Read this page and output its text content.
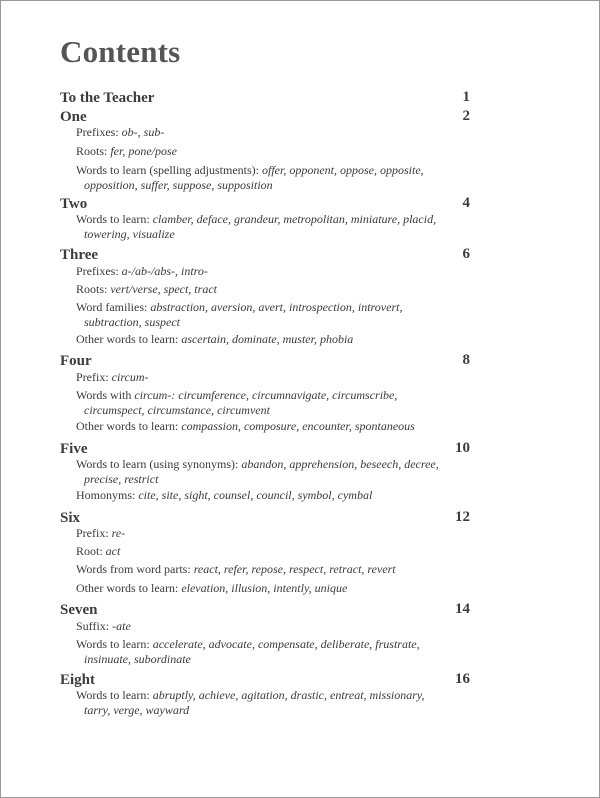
Contents
To the Teacher	1
One	2
Prefixes: ob-, sub-
Roots: fer, pone/pose
Words to learn (spelling adjustments): offer, opponent, oppose, opposite, opposition, suffer, suppose, supposition
Two	4
Words to learn: clamber, deface, grandeur, metropolitan, miniature, placid, towering, visualize
Three	6
Prefixes: a-/ab-/abs-, intro-
Roots: vert/verse, spect, tract
Word families: abstraction, aversion, avert, introspection, introvert, subtraction, suspect
Other words to learn: ascertain, dominate, muster, phobia
Four	8
Prefix: circum-
Words with circum-: circumference, circumnavigate, circumscribe, circumspect, circumstance, circumvent
Other words to learn: compassion, composure, encounter, spontaneous
Five	10
Words to learn (using synonyms): abandon, apprehension, beseech, decree, precise, restrict
Homonyms: cite, site, sight, counsel, council, symbol, cymbal
Six	12
Prefix: re-
Root: act
Words from word parts: react, refer, repose, respect, retract, revert
Other words to learn: elevation, illusion, intently, unique
Seven	14
Suffix: -ate
Words to learn: accelerate, advocate, compensate, deliberate, frustrate, insinuate, subordinate
Eight	16
Words to learn: abruptly, achieve, agitation, drastic, entreat, missionary, tarry, verge, wayward
